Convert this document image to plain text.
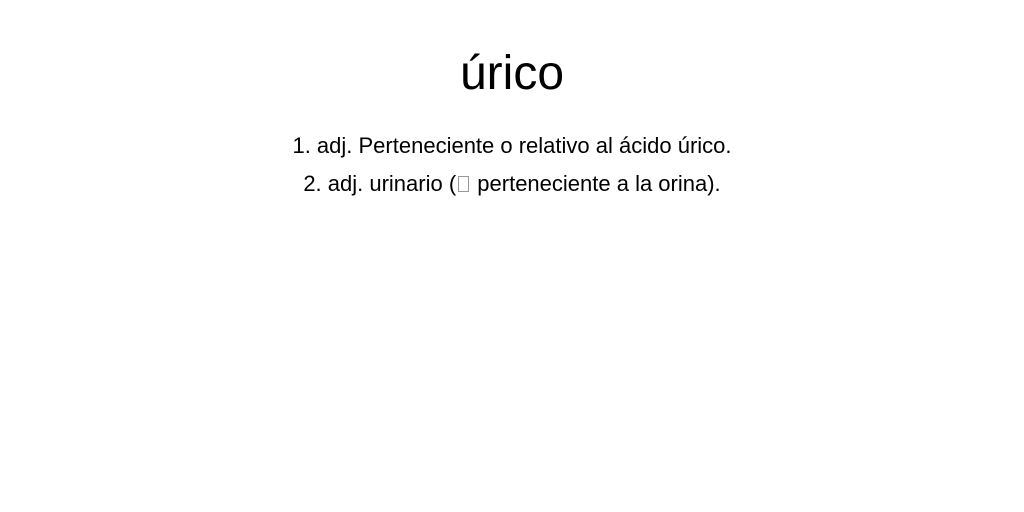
úrico
1. adj. Perteneciente o relativo al ácido úrico.
2. adj. urinario ( perteneciente a la orina).
